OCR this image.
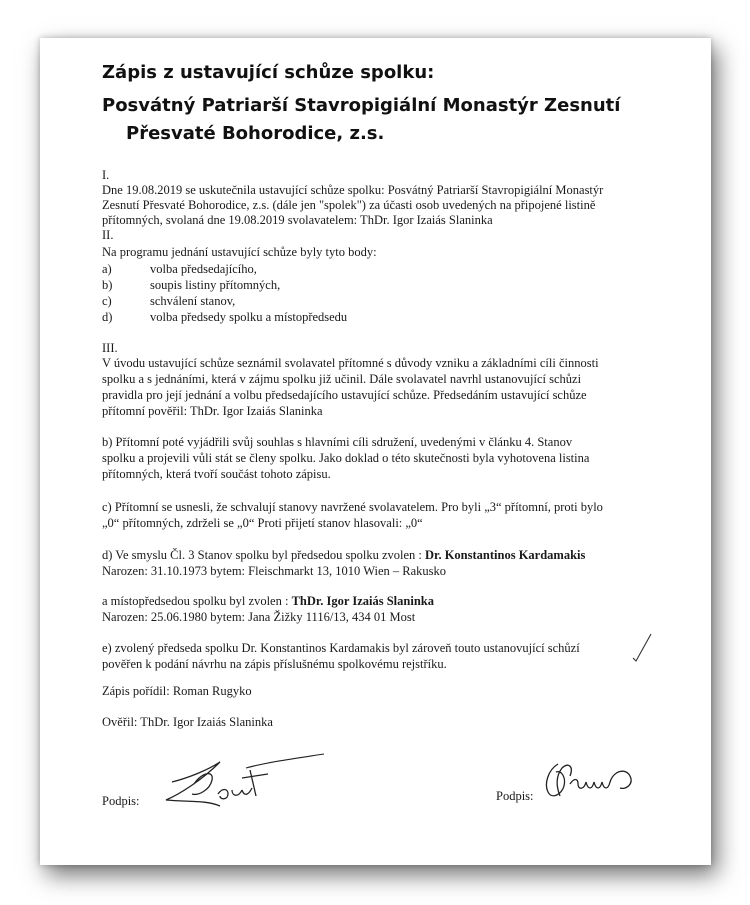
Zápis z ustavující schůze spolku:
Posvátný Patriarší Stavropigiální Monastýr Zesnutí
Přesvaté Bohorodice, z.s.
I.
Dne 19.08.2019 se uskutečnila ustavující schůze spolku: Posvátný Patriarší Stavropigiální Monastýr
Zesnutí Přesvaté Bohorodice, z.s. (dále jen "spolek") za účasti osob uvedených na připojené listině
přítomných, svolaná dne 19.08.2019 svolavatelem: ThDr. Igor Izaiás Slaninka
II.
Na programu jednání ustavující schůze byly tyto body:
a)	volba předsedajícího,
b)	soupis listiny přítomných,
c)	schválení stanov,
d)	volba předsedy spolku a místopředsedu
III.
V úvodu ustavující schůze seznámil svolavatel přítomné s důvody vzniku a základními cíli činnosti
spolku a s jednáními, která v zájmu spolku již učinil. Dále svolavatel navrhl ustanovující schůzi
pravidla pro její jednání a volbu předsedajícího ustavující schůze. Předsedáním ustavující schůze
přítomní pověřil: ThDr. Igor Izaiás Slaninka
b) Přítomní poté vyjádřili svůj souhlas s hlavními cíli sdružení, uvedenými v článku 4. Stanov
spolku a projevili vůli stát se členy spolku. Jako doklad o této skutečnosti byla vyhotovena listina
přítomných, která tvoří součást tohoto zápisu.
c) Přítomní se usnesli, že schvalují stanovy navržené svolavatelem. Pro byli „3“ přítomní, proti bylo
„0“ přítomných, zdrželi se „0“ Proti přijetí stanov hlasovali: „0“
d) Ve smyslu Čl. 3 Stanov spolku byl předsedou spolku zvolen : Dr. Konstantinos Kardamakis
Narozen: 31.10.1973 bytem: Fleischmarkt 13, 1010 Wien – Rakusko
a místopředsedou spolku byl zvolen : ThDr. Igor Izaiás Slaninka
Narozen: 25.06.1980 bytem: Jana Žižky 1116/13, 434 01 Most
e) zvolený předseda spolku Dr. Konstantinos Kardamakis byl zároveň touto ustanovující schůzí
pověřen k podání návrhu na zápis příslušnému spolkovému rejstříku.
Zápis pořídil: Roman Rugyko
Ověřil: ThDr. Igor Izaiás Slaninka
Podpis:	Podpis:
